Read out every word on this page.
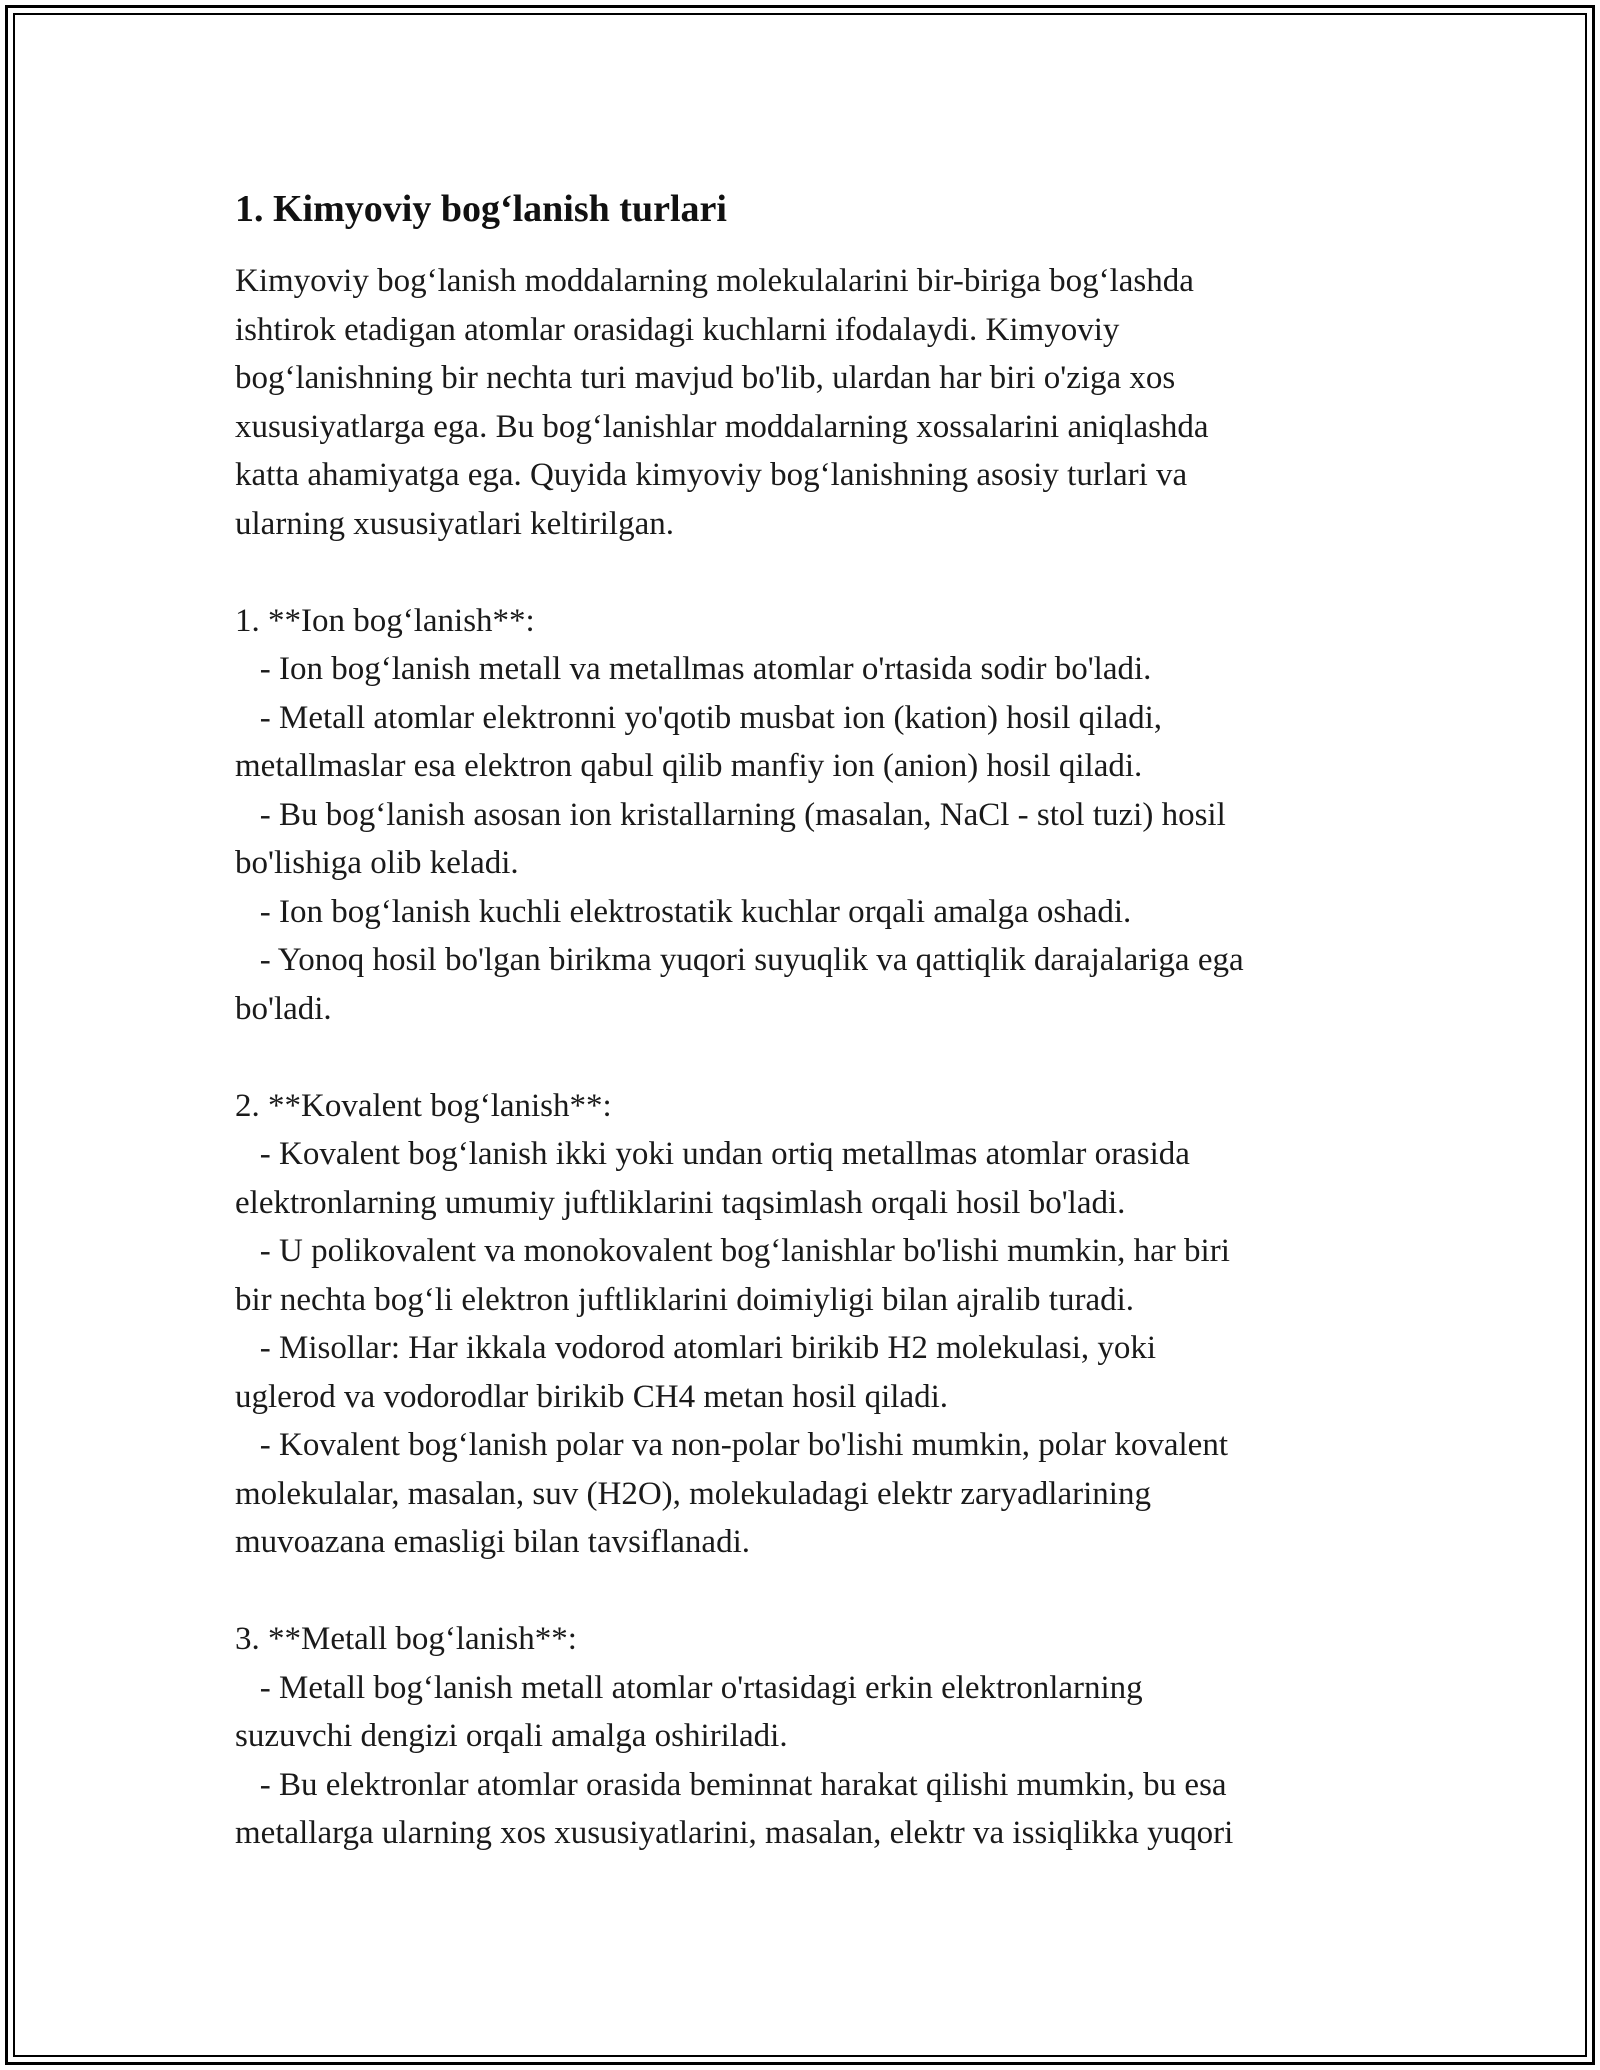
1. Kimyoviy bog‘lanish turlari
Kimyoviy bog‘lanish moddalarning molekulalarini bir-biriga bog‘lashda
ishtirok etadigan atomlar orasidagi kuchlarni ifodalaydi. Kimyoviy
bog‘lanishning bir nechta turi mavjud bo'lib, ulardan har biri o'ziga xos
xususiyatlarga ega. Bu bog‘lanishlar moddalarning xossalarini aniqlashda
katta ahamiyatga ega. Quyida kimyoviy bog‘lanishning asosiy turlari va
ularning xususiyatlari keltirilgan.
1. **Ion bog‘lanish**:
- Ion bog‘lanish metall va metallmas atomlar o'rtasida sodir bo'ladi.
- Metall atomlar elektronni yo'qotib musbat ion (kation) hosil qiladi,
metallmaslar esa elektron qabul qilib manfiy ion (anion) hosil qiladi.
- Bu bog‘lanish asosan ion kristallarning (masalan, NaCl - stol tuzi) hosil
bo'lishiga olib keladi.
- Ion bog‘lanish kuchli elektrostatik kuchlar orqali amalga oshadi.
- Yonoq hosil bo'lgan birikma yuqori suyuqlik va qattiqlik darajalariga ega
bo'ladi.
2. **Kovalent bog‘lanish**:
- Kovalent bog‘lanish ikki yoki undan ortiq metallmas atomlar orasida
elektronlarning umumiy juftliklarini taqsimlash orqali hosil bo'ladi.
- U polikovalent va monokovalent bog‘lanishlar bo'lishi mumkin, har biri
bir nechta bog‘li elektron juftliklarini doimiyligi bilan ajralib turadi.
- Misollar: Har ikkala vodorod atomlari birikib H2 molekulasi, yoki
uglerod va vodorodlar birikib CH4 metan hosil qiladi.
- Kovalent bog‘lanish polar va non-polar bo'lishi mumkin, polar kovalent
molekulalar, masalan, suv (H2O), molekuladagi elektr zaryadlarining
muvoazana emasligi bilan tavsiflanadi.
3. **Metall bog‘lanish**:
- Metall bog‘lanish metall atomlar o'rtasidagi erkin elektronlarning
suzuvchi dengizi orqali amalga oshiriladi.
- Bu elektronlar atomlar orasida beminnat harakat qilishi mumkin, bu esa
metallarga ularning xos xususiyatlarini, masalan, elektr va issiqlikka yuqori
